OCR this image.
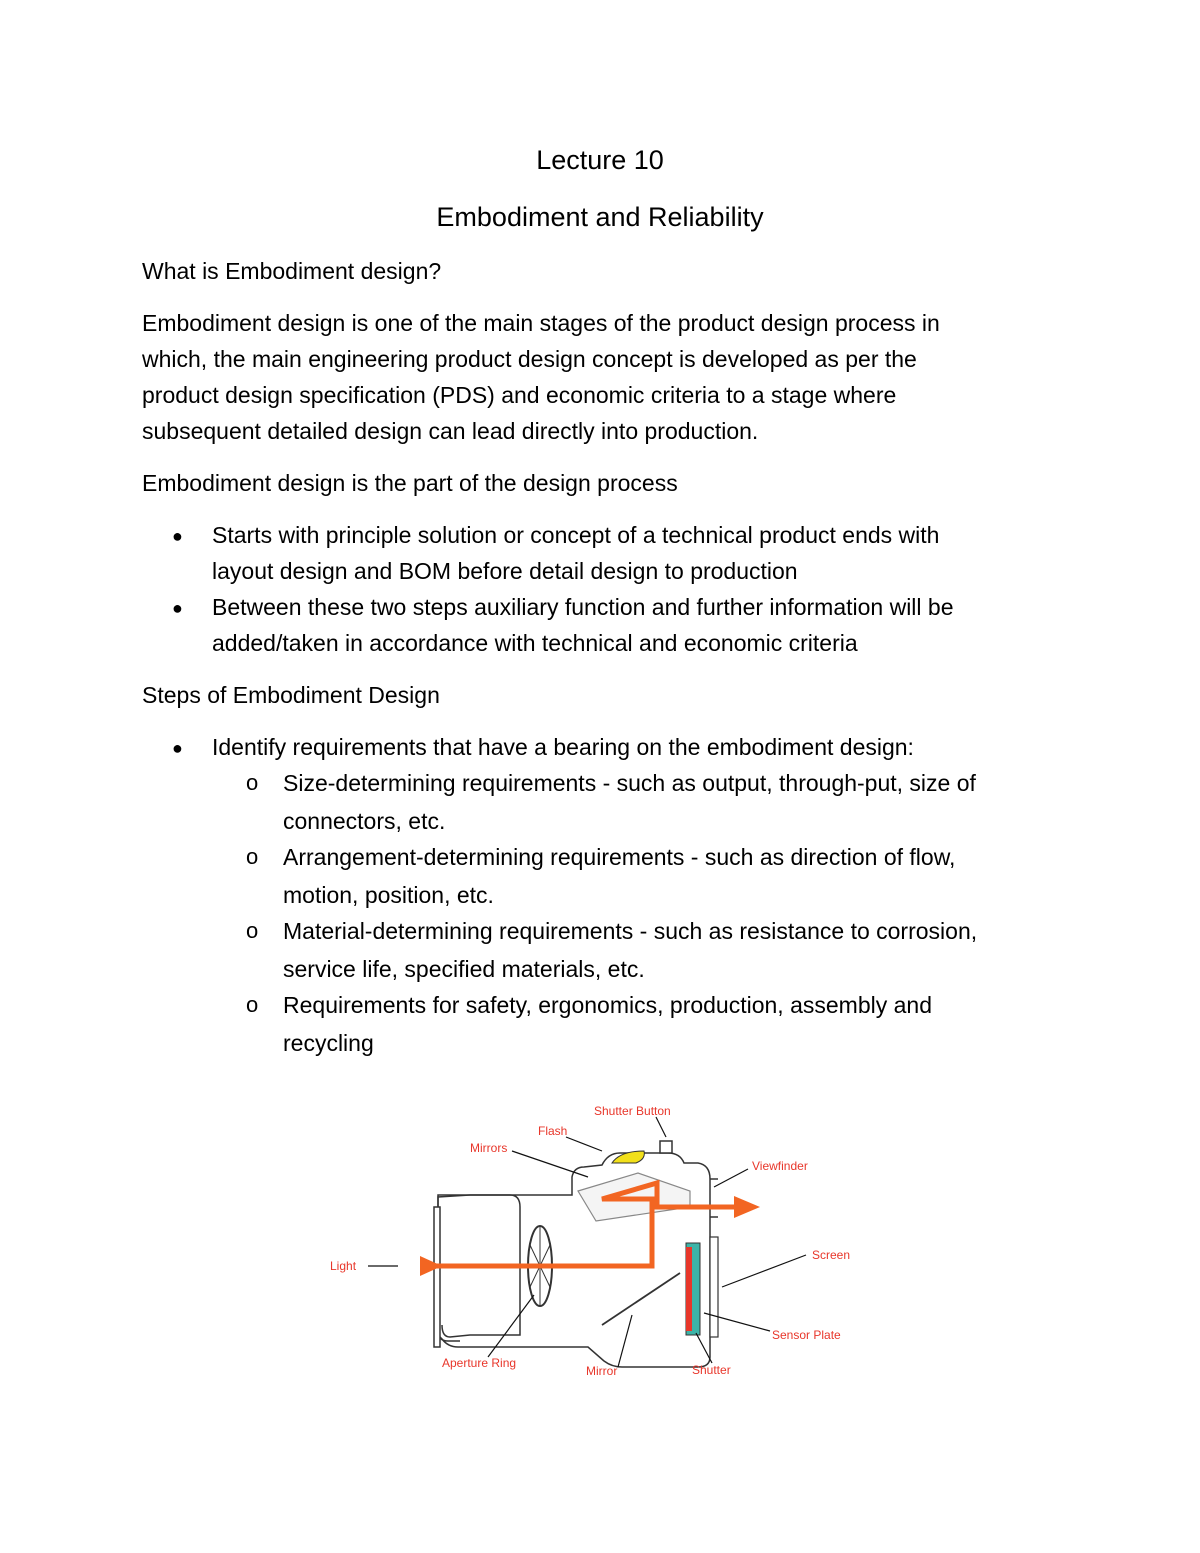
Lecture 10
Embodiment and Reliability
What is Embodiment design?
Embodiment design is one of the main stages of the product design process in
which, the main engineering product design concept is developed as per the
product design specification (PDS) and economic criteria to a stage where
subsequent detailed design can lead directly into production.
Embodiment design is the part of the design process
● Starts with principle solution or concept of a technical product ends with
layout design and BOM before detail design to production
● Between these two steps auxiliary function and further information will be
added/taken in accordance with technical and economic criteria
Steps of Embodiment Design
● Identify requirements that have a bearing on the embodiment design:
o Size-determining requirements - such as output, through-put, size of
connectors, etc.
o Arrangement-determining requirements - such as direction of flow,
motion, position, etc.
o Material-determining requirements - such as resistance to corrosion,
service life, specified materials, etc.
o Requirements for safety, ergonomics, production, assembly and
recycling
Shutter Button
Flash
Mirrors
Viewfinder
Screen
Light
Sensor Plate
Aperture Ring
Mirror	Shutter
